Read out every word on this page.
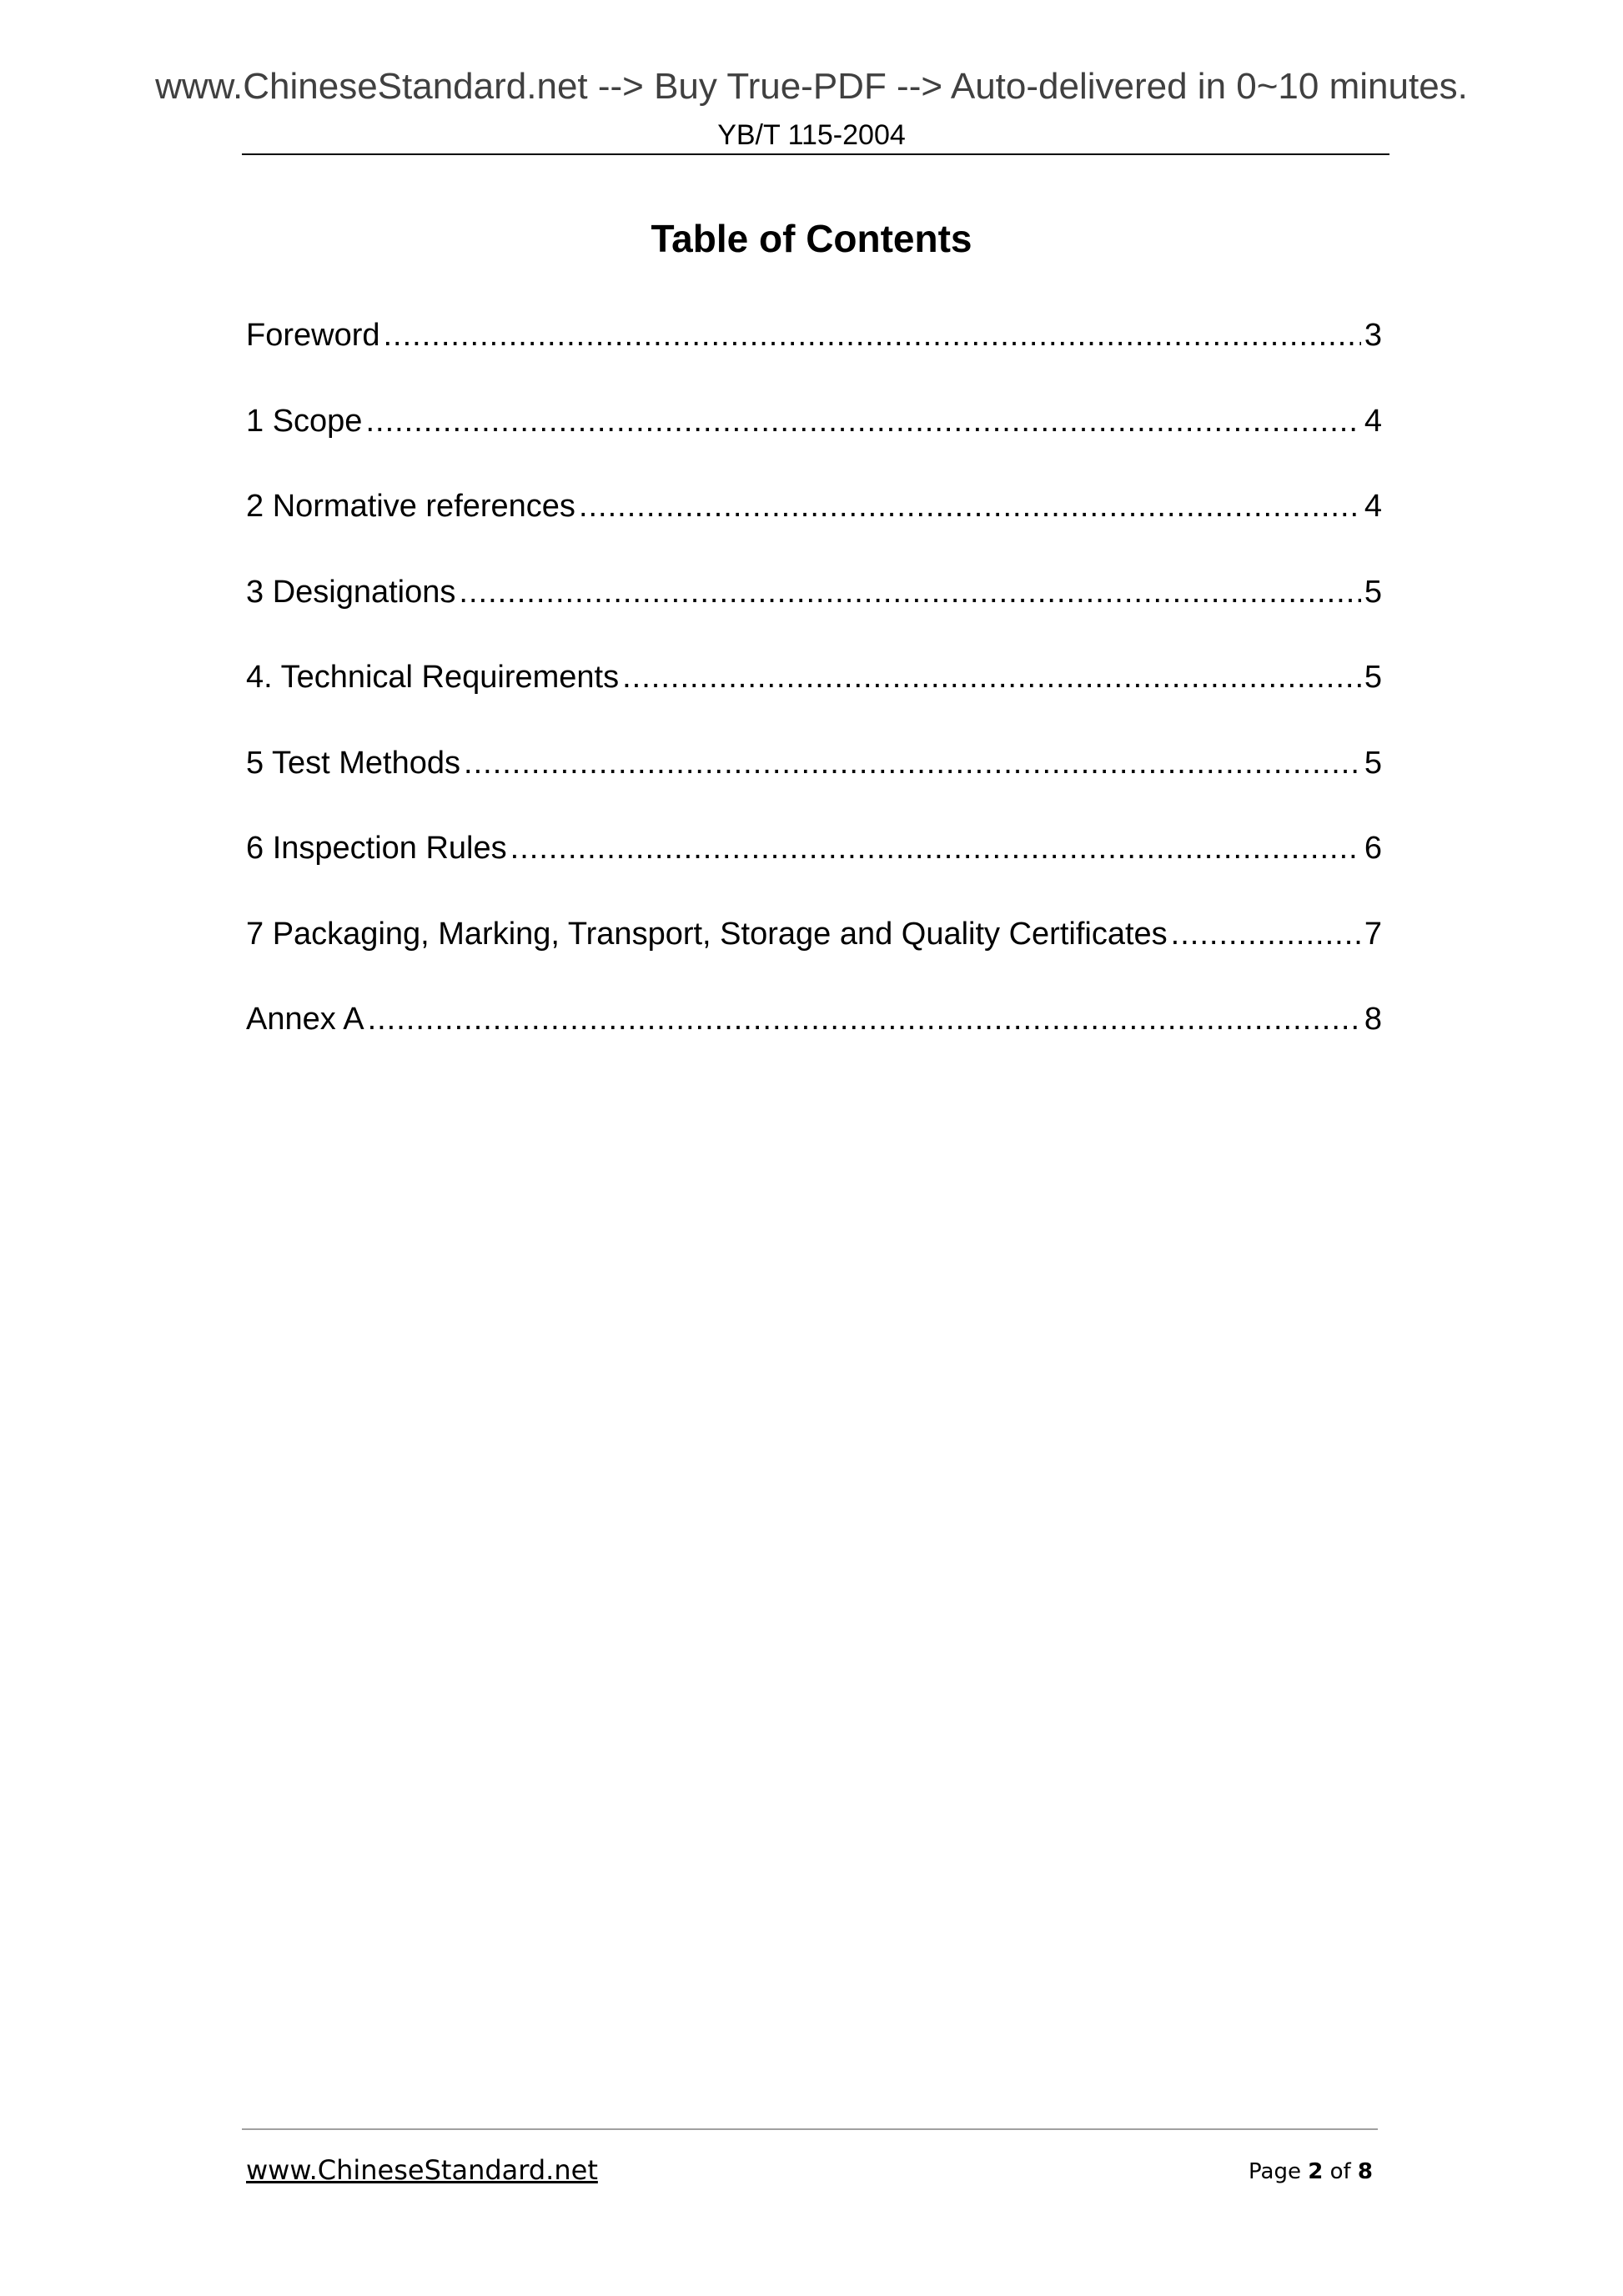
www.ChineseStandard.net --> Buy True-PDF --> Auto-delivered in 0~10 minutes.
YB/T 115-2004
Table of Contents
Foreword .....	3
1 Scope .....	4
2 Normative references .....	4
3 Designations .....	5
4. Technical Requirements .....	5
5 Test Methods .....	5
6 Inspection Rules .....	6
7 Packaging, Marking, Transport, Storage and Quality Certificates .....	7
Annex A .....	8
www.ChineseStandard.net	Page 2 of 8
